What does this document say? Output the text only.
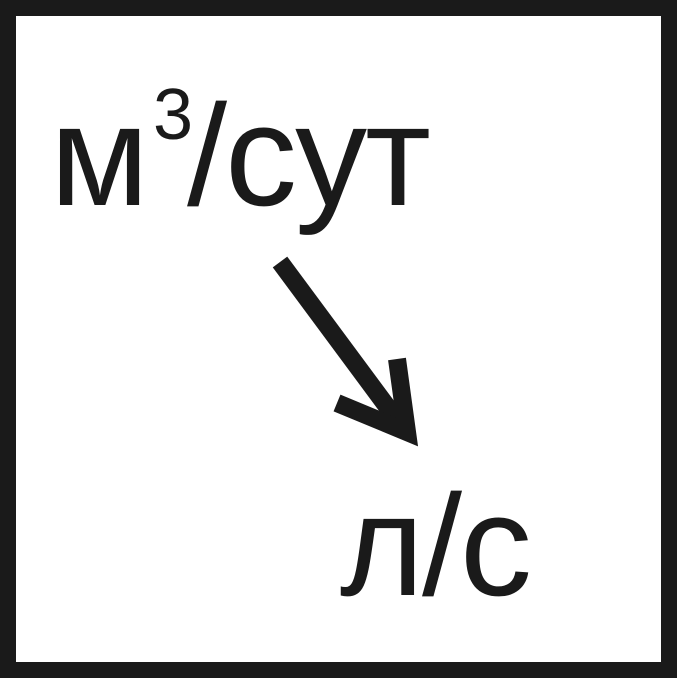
$м^3$/сут
л/с
